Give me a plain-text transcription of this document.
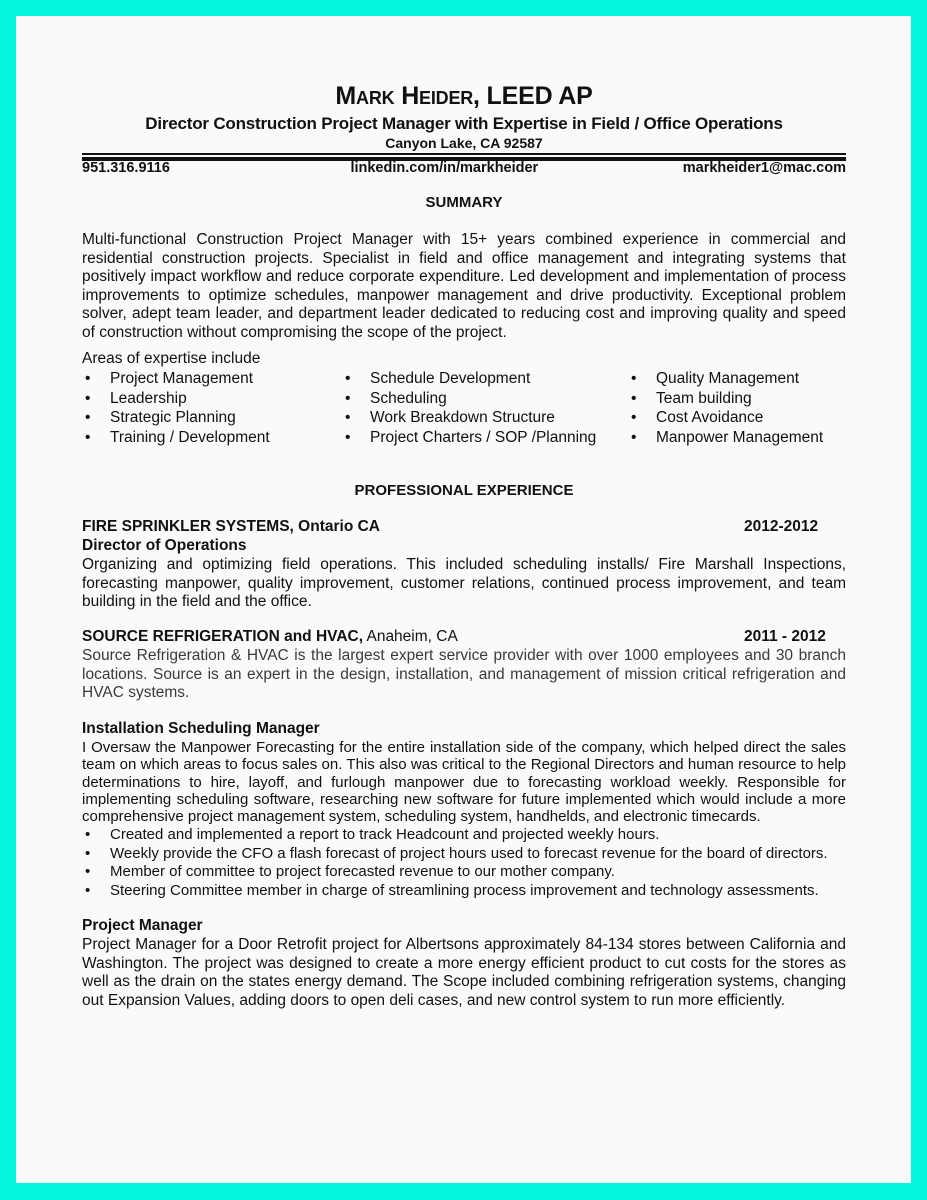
Mark Heider, LEED AP
Director Construction Project Manager with Expertise in Field / Office Operations
Canyon Lake, CA 92587
951.316.9116	linkedin.com/in/markheider	markheider1@mac.com
SUMMARY
Multi-functional Construction Project Manager with 15+ years combined experience in commercial and residential construction projects. Specialist in field and office management and integrating systems that positively impact workflow and reduce corporate expenditure. Led development and implementation of process improvements to optimize schedules, manpower management and drive productivity. Exceptional problem solver, adept team leader, and department leader dedicated to reducing cost and improving quality and speed of construction without compromising the scope of the project.
Areas of expertise include
• Project Management
• Leadership
• Strategic Planning
• Training / Development
• Schedule Development
• Scheduling
• Work Breakdown Structure
• Project Charters / SOP /Planning
• Quality Management
• Team building
• Cost Avoidance
• Manpower Management
PROFESSIONAL EXPERIENCE
FIRE SPRINKLER SYSTEMS, Ontario CA	2012-2012
Director of Operations
Organizing and optimizing field operations. This included scheduling installs/ Fire Marshall Inspections, forecasting manpower, quality improvement, customer relations, continued process improvement, and team building in the field and the office.
SOURCE REFRIGERATION and HVAC, Anaheim, CA	2011 - 2012
Source Refrigeration & HVAC is the largest expert service provider with over 1000 employees and 30 branch locations. Source is an expert in the design, installation, and management of mission critical refrigeration and HVAC systems.
Installation Scheduling Manager
I Oversaw the Manpower Forecasting for the entire installation side of the company, which helped direct the sales team on which areas to focus sales on. This also was critical to the Regional Directors and human resource to help determinations to hire, layoff, and furlough manpower due to forecasting workload weekly. Responsible for implementing scheduling software, researching new software for future implemented which would include a more comprehensive project management system, scheduling system, handhelds, and electronic timecards.
• Created and implemented a report to track Headcount and projected weekly hours.
• Weekly provide the CFO a flash forecast of project hours used to forecast revenue for the board of directors.
• Member of committee to project forecasted revenue to our mother company.
• Steering Committee member in charge of streamlining process improvement and technology assessments.
Project Manager
Project Manager for a Door Retrofit project for Albertsons approximately 84-134 stores between California and Washington. The project was designed to create a more energy efficient product to cut costs for the stores as well as the drain on the states energy demand. The Scope included combining refrigeration systems, changing out Expansion Values, adding doors to open deli cases, and new control system to run more efficiently.
